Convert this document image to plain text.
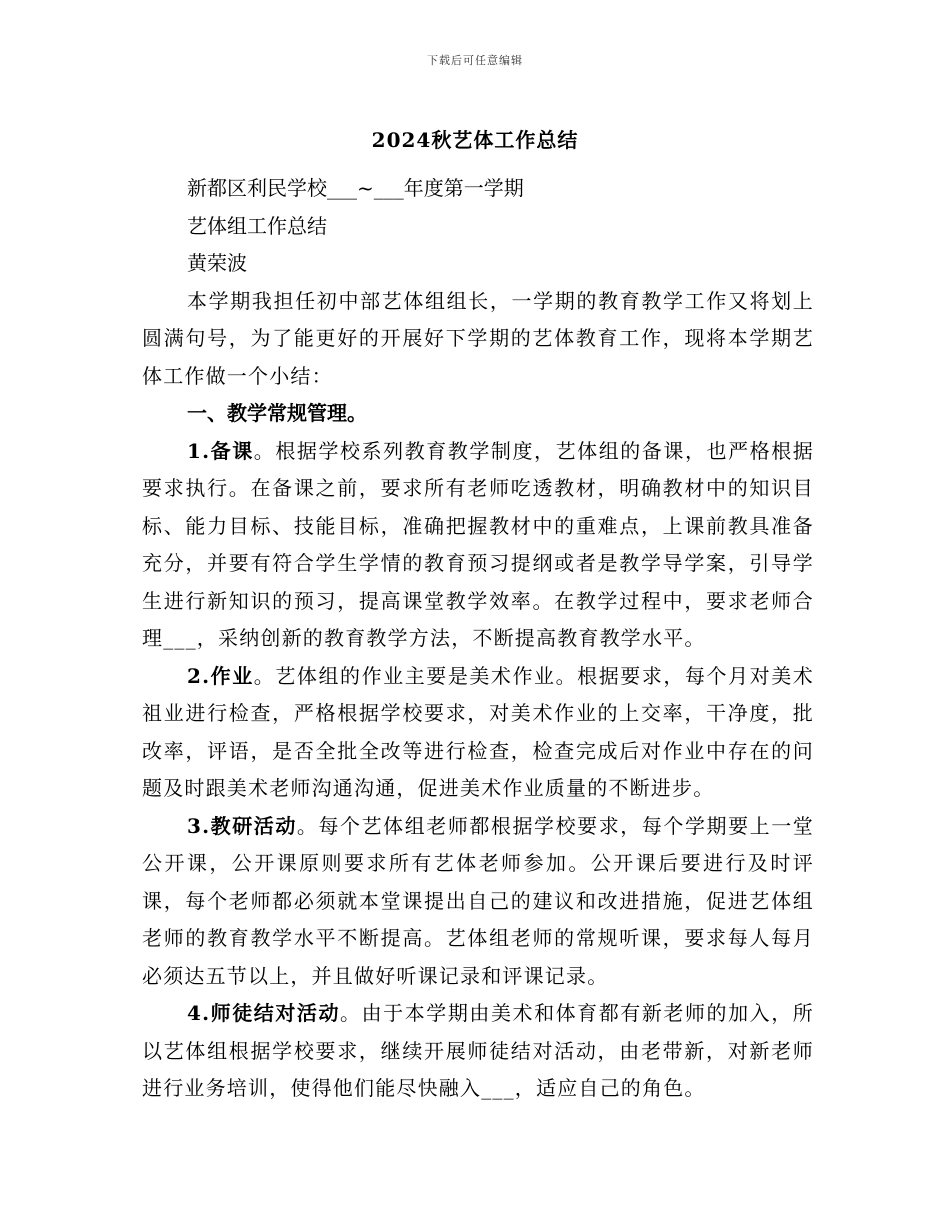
下载后可任意编辑
2024秋艺体工作总结
新都区利民学校___~___年度第一学期
艺体组工作总结
黄荣波
本学期我担任初中部艺体组组长，一学期的教育教学工作又将划上圆满句号，为了能更好的开展好下学期的艺体教育工作，现将本学期艺体工作做一个小结：
一、教学常规管理。
1.备课。根据学校系列教育教学制度，艺体组的备课，也严格根据要求执行。在备课之前，要求所有老师吃透教材，明确教材中的知识目标、能力目标、技能目标，准确把握教材中的重难点，上课前教具准备充分，并要有符合学生学情的教育预习提纲或者是教学导学案，引导学生进行新知识的预习，提高课堂教学效率。在教学过程中，要求老师合理___，采纳创新的教育教学方法，不断提高教育教学水平。
2.作业。艺体组的作业主要是美术作业。根据要求，每个月对美术祖业进行检查，严格根据学校要求，对美术作业的上交率，干净度，批改率，评语，是否全批全改等进行检查，检查完成后对作业中存在的问题及时跟美术老师沟通沟通，促进美术作业质量的不断进步。
3.教研活动。每个艺体组老师都根据学校要求，每个学期要上一堂公开课，公开课原则要求所有艺体老师参加。公开课后要进行及时评课，每个老师都必须就本堂课提出自己的建议和改进措施，促进艺体组老师的教育教学水平不断提高。艺体组老师的常规听课，要求每人每月必须达五节以上，并且做好听课记录和评课记录。
4.师徒结对活动。由于本学期由美术和体育都有新老师的加入，所以艺体组根据学校要求，继续开展师徒结对活动，由老带新，对新老师进行业务培训，使得他们能尽快融入___，适应自己的角色。
